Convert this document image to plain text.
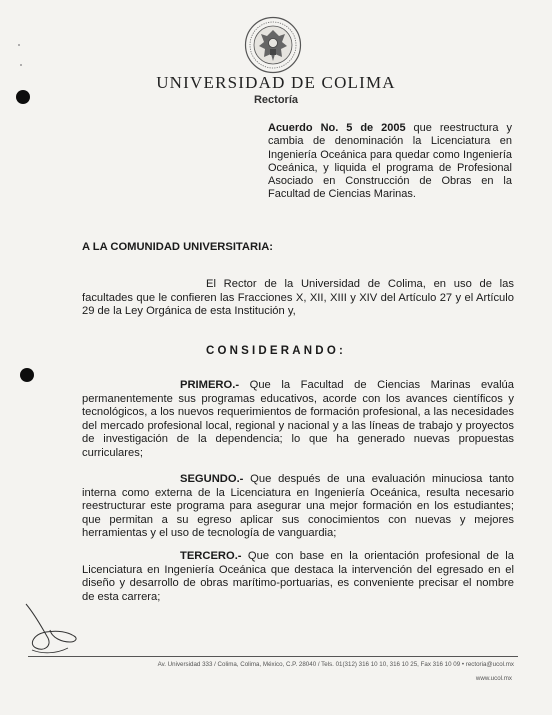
UNIVERSIDAD DE COLIMA
Rectoría
Acuerdo No. 5 de 2005 que reestructura y cambia de denominación la Licenciatura en Ingeniería Oceánica para quedar como Ingeniería Oceánica, y liquida el programa de Profesional Asociado en Construcción de Obras en la Facultad de Ciencias Marinas.
A LA COMUNIDAD UNIVERSITARIA:
El Rector de la Universidad de Colima, en uso de las facultades que le confieren las Fracciones X, XII, XIII y XIV del Artículo 27 y el Artículo 29 de la Ley Orgánica de esta Institución y,
CONSIDERANDO:
PRIMERO.- Que la Facultad de Ciencias Marinas evalúa permanentemente sus programas educativos, acorde con los avances científicos y tecnológicos, a los nuevos requerimientos de formación profesional, a las necesidades del mercado profesional local, regional y nacional y a las líneas de trabajo y proyectos de investigación de la dependencia; lo que ha generado nuevas propuestas curriculares;
SEGUNDO.- Que después de una evaluación minuciosa tanto interna como externa de la Licenciatura en Ingeniería Oceánica, resulta necesario reestructurar este programa para asegurar una mejor formación en los estudiantes; que permitan a su egreso aplicar sus conocimientos con nuevas y mejores herramientas y el uso de tecnología de vanguardia;
TERCERO.- Que con base en la orientación profesional de la Licenciatura en Ingeniería Oceánica que destaca la intervención del egresado en el diseño y desarrollo de obras marítimo-portuarias, es conveniente precisar el nombre de esta carrera;
Av. Universidad 333 / Colima, Colima, México, C.P. 28040 / Tels. 01(312) 316 10 10, 316 10 25, Fax 316 10 09 • rectoria@ucol.mx
www.ucol.mx
